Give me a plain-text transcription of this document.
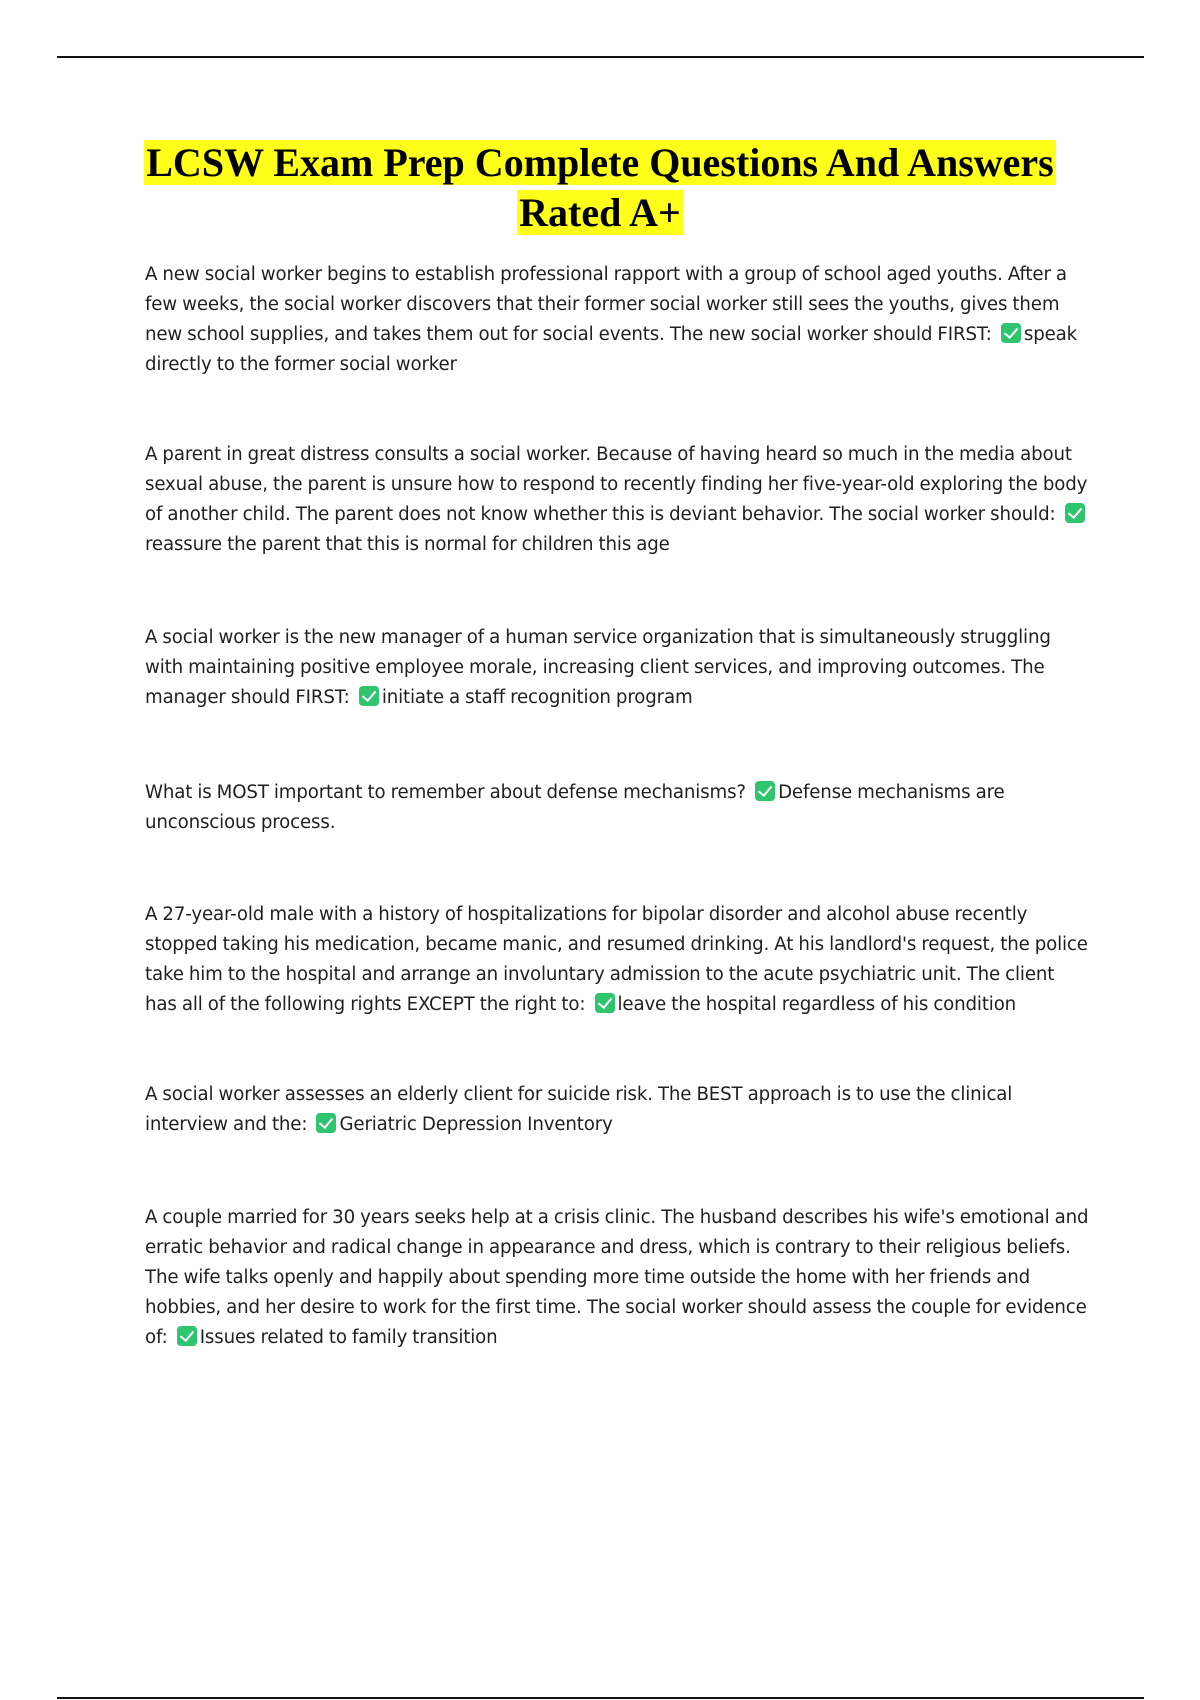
LCSW Exam Prep Complete Questions And Answers
Rated A+
A new social worker begins to establish professional rapport with a group of school aged youths. After a few weeks, the social worker discovers that their former social worker still sees the youths, gives them new school supplies, and takes them out for social events. The new social worker should FIRST: speak directly to the former social worker
A parent in great distress consults a social worker. Because of having heard so much in the media about sexual abuse, the parent is unsure how to respond to recently finding her five-year-old exploring the body of another child. The parent does not know whether this is deviant behavior. The social worker should: reassure the parent that this is normal for children this age
A social worker is the new manager of a human service organization that is simultaneously struggling with maintaining positive employee morale, increasing client services, and improving outcomes. The manager should FIRST: initiate a staff recognition program
What is MOST important to remember about defense mechanisms? Defense mechanisms are unconscious process.
A 27-year-old male with a history of hospitalizations for bipolar disorder and alcohol abuse recently stopped taking his medication, became manic, and resumed drinking. At his landlord's request, the police take him to the hospital and arrange an involuntary admission to the acute psychiatric unit. The client has all of the following rights EXCEPT the right to: leave the hospital regardless of his condition
A social worker assesses an elderly client for suicide risk. The BEST approach is to use the clinical interview and the: Geriatric Depression Inventory
A couple married for 30 years seeks help at a crisis clinic. The husband describes his wife's emotional and erratic behavior and radical change in appearance and dress, which is contrary to their religious beliefs. The wife talks openly and happily about spending more time outside the home with her friends and hobbies, and her desire to work for the first time. The social worker should assess the couple for evidence of: Issues related to family transition
